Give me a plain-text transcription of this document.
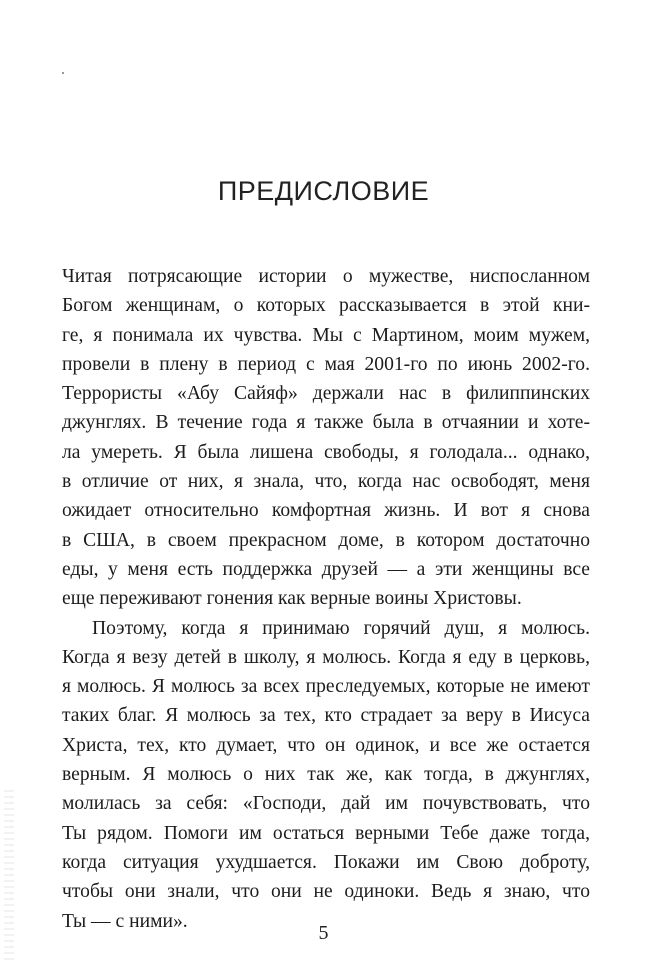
ПРЕДИСЛОВИЕ
Читая потрясающие истории о мужестве, ниспосланном
Богом женщинам, о которых рассказывается в этой кни-
ге, я понимала их чувства. Мы с Мартином, моим мужем,
провели в плену в период с мая 2001-го по июнь 2002-го.
Террористы «Абу Сайяф» держали нас в филиппинских
джунглях. В течение года я также была в отчаянии и хоте-
ла умереть. Я была лишена свободы, я голодала... однако,
в отличие от них, я знала, что, когда нас освободят, меня
ожидает относительно комфортная жизнь. И вот я снова
в США, в своем прекрасном доме, в котором достаточно
еды, у меня есть поддержка друзей — а эти женщины все
еще переживают гонения как верные воины Христовы.
Поэтому, когда я принимаю горячий душ, я молюсь.
Когда я везу детей в школу, я молюсь. Когда я еду в церковь,
я молюсь. Я молюсь за всех преследуемых, которые не имеют
таких благ. Я молюсь за тех, кто страдает за веру в Иисуса
Христа, тех, кто думает, что он одинок, и все же остается
верным. Я молюсь о них так же, как тогда, в джунглях,
молилась за себя: «Господи, дай им почувствовать, что
Ты рядом. Помоги им остаться верными Тебе даже тогда,
когда ситуация ухудшается. Покажи им Свою доброту,
чтобы они знали, что они не одиноки. Ведь я знаю, что
Ты — с ними».
5
